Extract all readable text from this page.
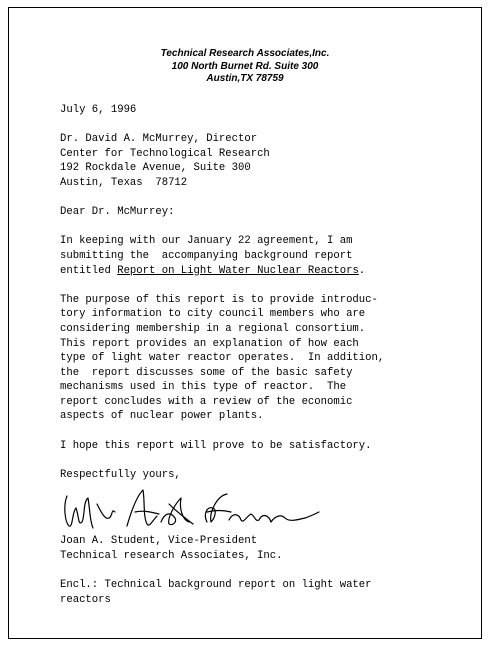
Technical Research Associates,Inc.
100 North Burnet Rd. Suite 300
Austin,TX 78759
July 6, 1996
Dr. David A. McMurrey, Director
Center for Technological Research
192 Rockdale Avenue, Suite 300
Austin, Texas  78712
Dear Dr. McMurrey:
In keeping with our January 22 agreement, I am
submitting the  accompanying background report
entitled Report on Light Water Nuclear Reactors.
The purpose of this report is to provide introduc-
tory information to city council members who are
considering membership in a regional consortium.
This report provides an explanation of how each
type of light water reactor operates.  In addition,
the  report discusses some of the basic safety
mechanisms used in this type of reactor.  The
report concludes with a review of the economic
aspects of nuclear power plants.
I hope this report will prove to be satisfactory.
Respectfully yours,
Joan A. Student, Vice-President
Technical research Associates, Inc.
Encl.: Technical background report on light water
reactors
